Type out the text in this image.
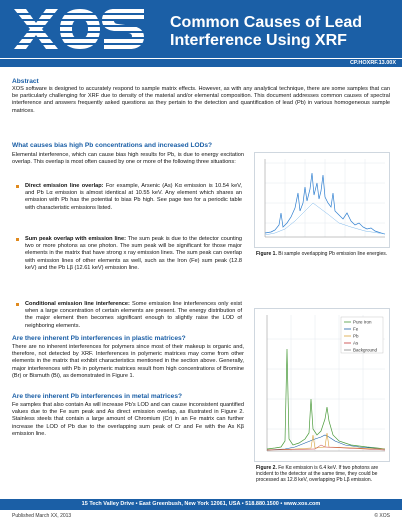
Common Causes of Lead
Interference Using XRF
CP.HOXRF.13.00X
Abstract
XOS software is designed to accurately respond to sample matrix effects. However, as with any analytical technique, there are some samples that can be particularly challenging for XRF due to density of the material and/or elemental composition. This document addresses common causes of spectral interference and answers frequently asked questions as they pertain to the detection and quantification of lead (Pb) in various homogeneous sample matrices.
What causes bias high Pb concentrations and increased LODs?
Elemental interference, which can cause bias high results for Pb, is due to energy excitation overlap. This overlap is most often caused by one or more of the following three situations:
Direct emission line overlap: For example, Arsenic (As) Kα emission is 10.54 keV, and Pb Lα emission is almost identical at 10.55 keV. Any element which shares an emission with Pb has the potential to bias Pb high. See page two for a periodic table with characteristic emissions listed.
Sum peak overlap with emission line: The sum peak is due to the detector counting two or more photons as one photon. The sum peak will be significant for those major elements in the matrix that have strong x ray emission lines. The sum peak can overlap with emission lines of other elements as well, such as the Iron (Fe) sum peak (12.8 keV) and the Pb Lβ (12.61 keV) emission line.
Conditional emission line interference: Some emission line interferences only exist when a large concentration of certain elements are present. The energy distribution of the major element then becomes significant enough to slightly raise the LOD of neighboring elements.
Are there inherent Pb interferences in plastic matrices?
There are no inherent interferences for polymers since most of their makeup is organic and, therefore, not detected by XRF. Interferences in polymeric matrices may come from other elements in the matrix that exhibit characteristics mentioned in the section above. Generally, major interferences with Pb in polymeric matrices result from high concentrations of Bromine (Br) or Bismuth (Bi), as demonstrated in Figure 1.
Are there inherent Pb interferences in metal matrices?
Fe samples that also contain As will increase Pb's LOD and can cause inconsistent quantified values due to the Fe sum peak and As direct emission overlap, as illustrated in Figure 2. Stainless steels that contain a large amount of Chromium (Cr) in an Fe matrix can further increase the LOD of Pb due to the overlapping sum peak of Cr and Fe with the As Kβ emission line.
Figure 1. Bi sample overlapping Pb emission line energies.
Pure Iron
Fe
Pb
As
Background
Figure 2. Fe Kα emission is 6.4 keV. If two photons are incident to the detector at the same time, they could be processed as 12.8 keV, overlapping Pb Lβ emission.
15 Tech Valley Drive • East Greenbush, New York 12061, USA • 518.880.1500 • www.xos.com
Published March XX, 2013	© XOS
